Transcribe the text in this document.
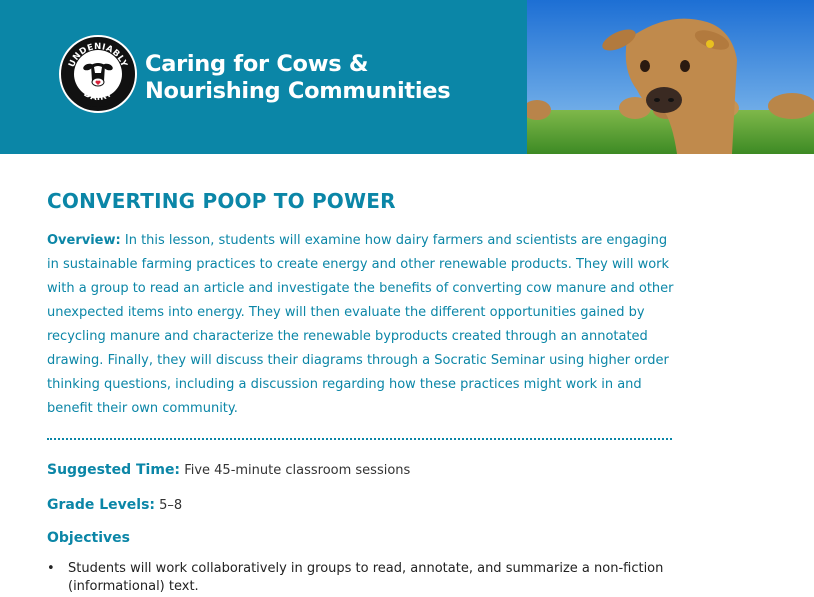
UNDENIABLY
DAIRY
Caring for Cows &
Nourishing Communities
CONVERTING POOP TO POWER
Overview: In this lesson, students will examine how dairy farmers and scientists are engaging in sustainable farming practices to create energy and other renewable products. They will work with a group to read an article and investigate the benefits of converting cow manure and other unexpected items into energy. They will then evaluate the different opportunities gained by recycling manure and characterize the renewable byproducts created through an annotated drawing. Finally, they will discuss their diagrams through a Socratic Seminar using higher order thinking questions, including a discussion regarding how these practices might work in and benefit their own community.
Suggested Time: Five 45-minute classroom sessions
Grade Levels: 5–8
Objectives
• Students will work collaboratively in groups to read, annotate, and summarize a non-fiction (informational) text.
